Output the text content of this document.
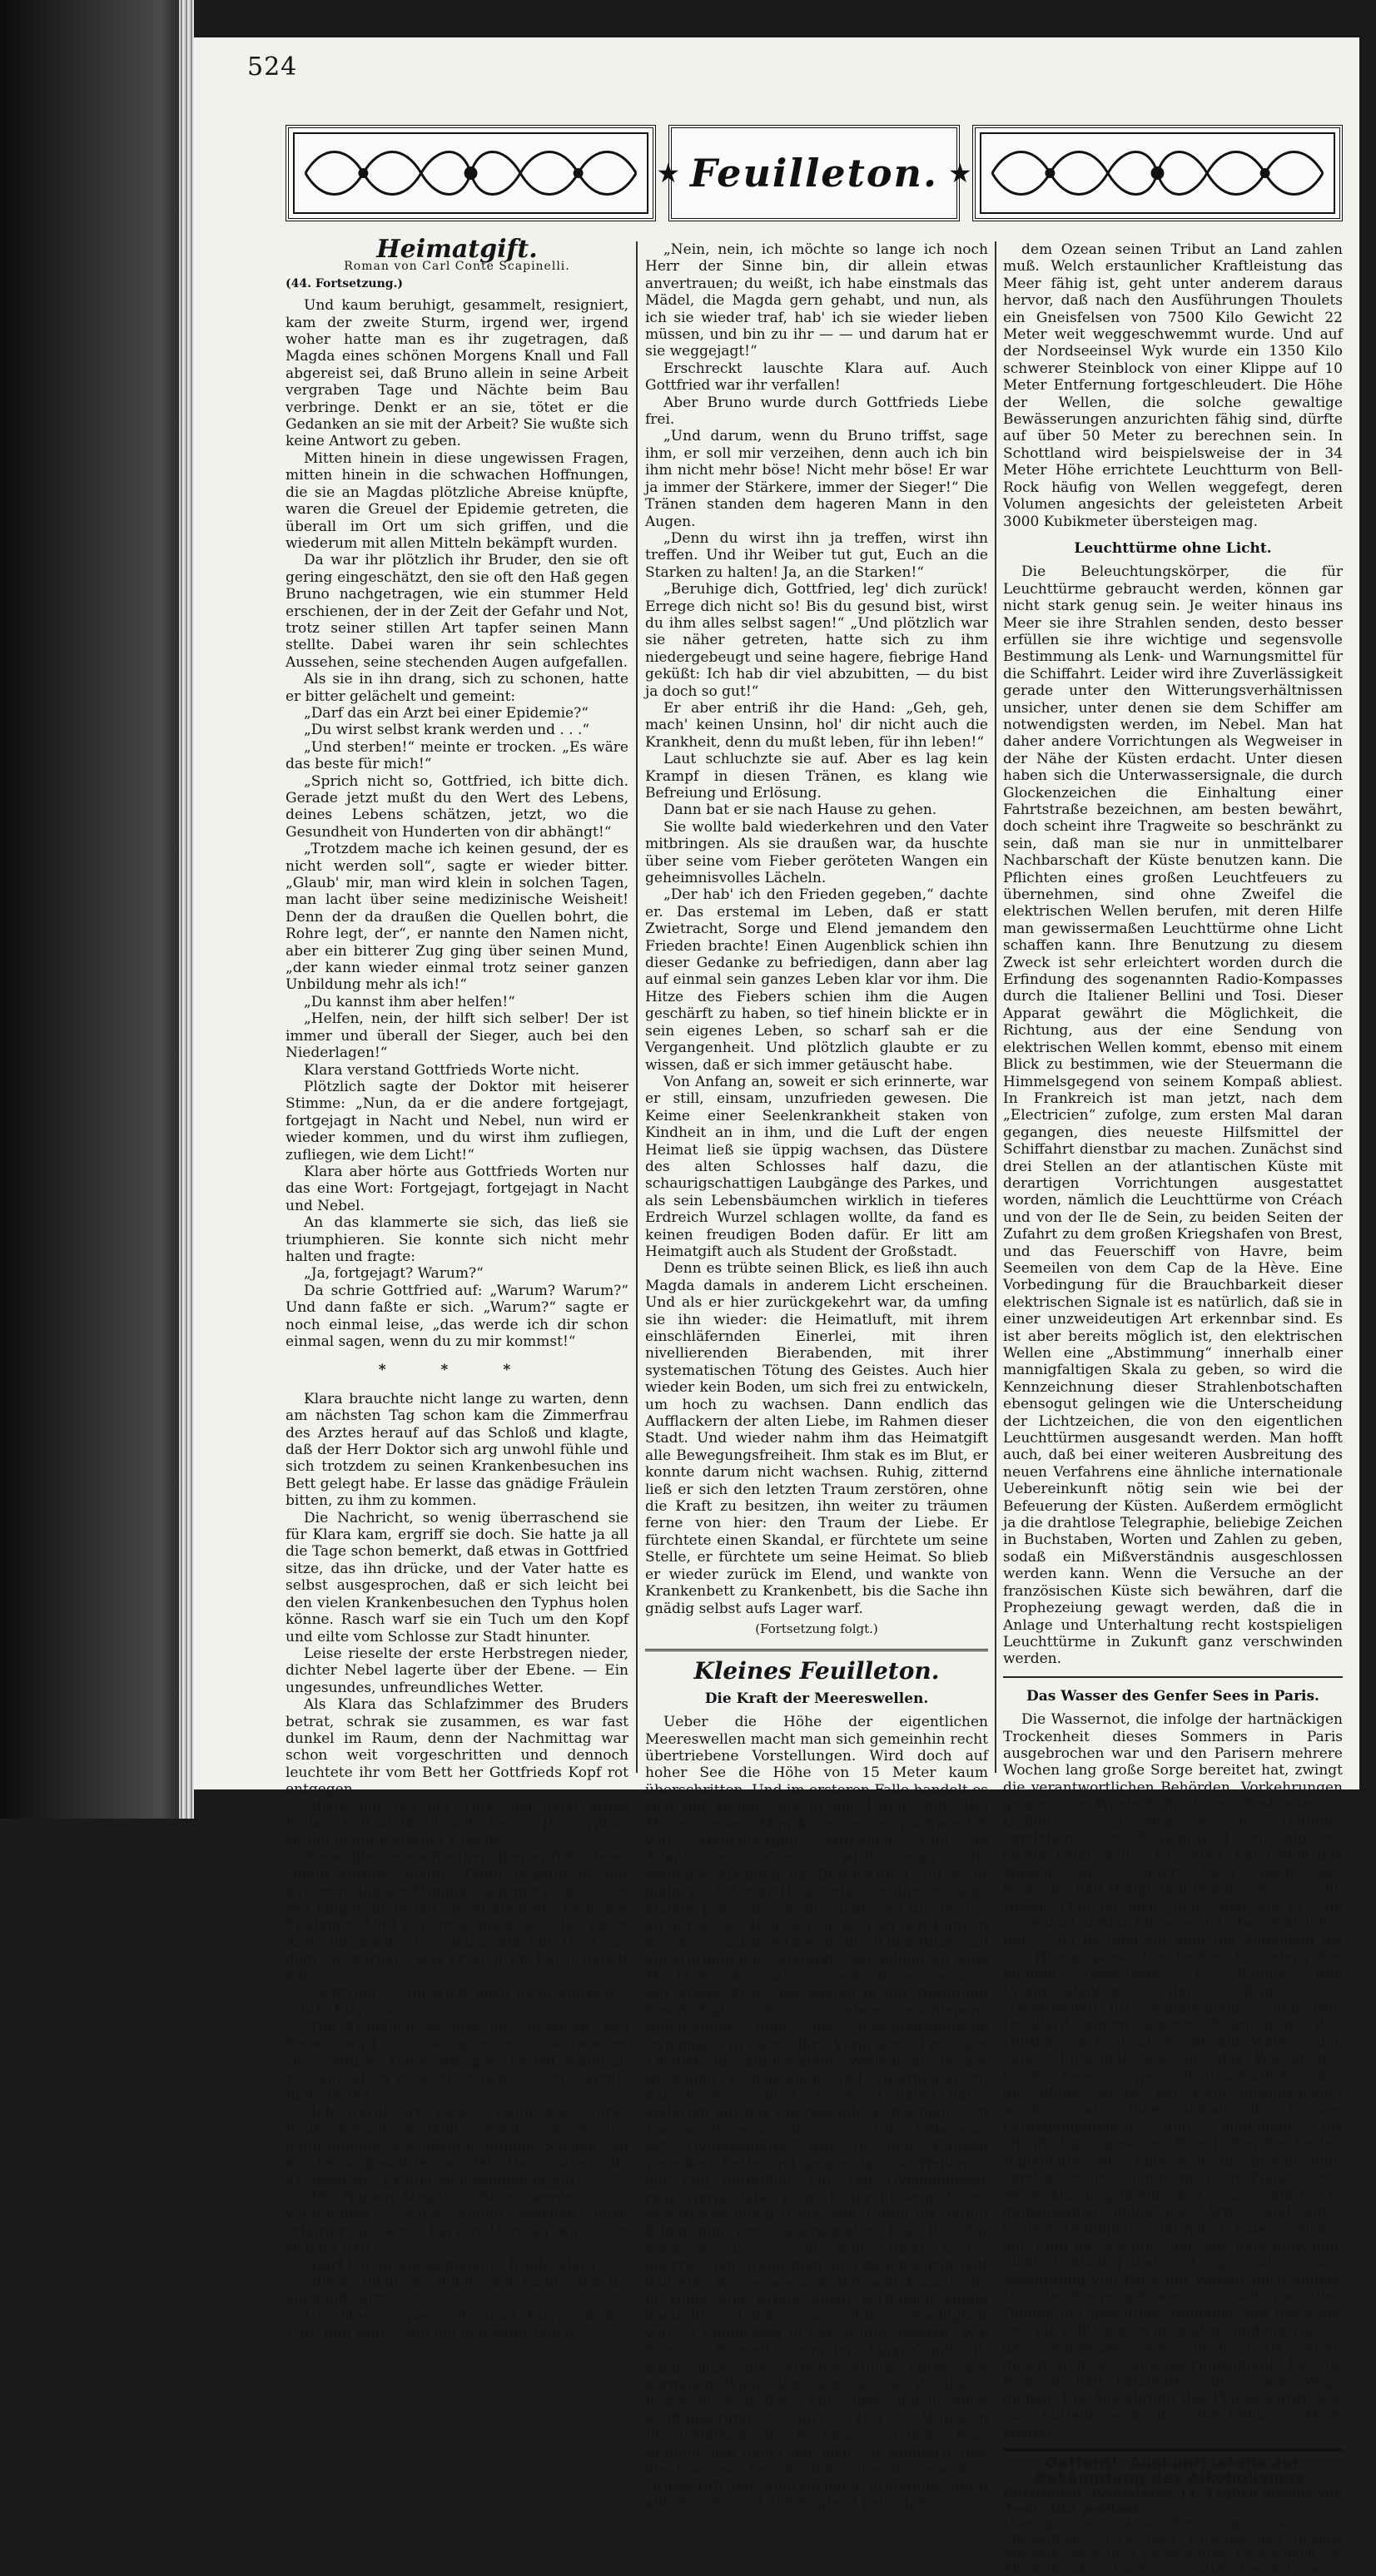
524
★ Feuilleton. ★

Heimatgift.

Roman von Carl Conte Scapinelli.

(44. Fortsetzung.)

Und kaum beruhigt, gesammelt, resigniert, kam der zweite Sturm, irgend wer, irgend woher hatte man es ihr zugetragen, daß Magda eines schönen Morgens Knall und Fall abgereist sei, daß Bruno allein in seine Arbeit vergraben Tage und Nächte beim Bau verbringe. Denkt er an sie, tötet er die Gedanken an sie mit der Arbeit? Sie wußte sich keine Antwort zu geben.

Mitten hinein in diese ungewissen Fragen, mitten hinein in die schwachen Hoffnungen, die sie an Magdas plötzliche Abreise knüpfte, waren die Greuel der Epidemie getreten, die überall im Ort um sich griffen, und die wiederum mit allen Mitteln bekämpft wurden.

Da war ihr plötzlich ihr Bruder, den sie oft gering eingeschätzt, den sie oft den Haß gegen Bruno nachgetragen, wie ein stummer Held erschienen, der in der Zeit der Gefahr und Not, trotz seiner stillen Art tapfer seinen Mann stellte. Dabei waren ihr sein schlechtes Aussehen, seine stechenden Augen aufgefallen.

Als sie in ihn drang, sich zu schonen, hatte er bitter gelächelt und gemeint:

„Darf das ein Arzt bei einer Epidemie?“

„Du wirst selbst krank werden und . . .“

„Und sterben!“ meinte er trocken. „Es wäre das beste für mich!“

„Sprich nicht so, Gottfried, ich bitte dich. Gerade jetzt mußt du den Wert des Lebens, deines Lebens schätzen, jetzt, wo die Gesundheit von Hunderten von dir abhängt!“

„Trotzdem mache ich keinen gesund, der es nicht werden soll“, sagte er wieder bitter. „Glaub' mir, man wird klein in solchen Tagen, man lacht über seine medizinische Weisheit! Denn der da draußen die Quellen bohrt, die Rohre legt, der“, er nannte den Namen nicht, aber ein bitterer Zug ging über seinen Mund, „der kann wieder einmal trotz seiner ganzen Unbildung mehr als ich!“

„Du kannst ihm aber helfen!“

„Helfen, nein, der hilft sich selber! Der ist immer und überall der Sieger, auch bei den Niederlagen!“

Klara verstand Gottfrieds Worte nicht.

Plötzlich sagte der Doktor mit heiserer Stimme: „Nun, da er die andere fortgejagt, fortgejagt in Nacht und Nebel, nun wird er wieder kommen, und du wirst ihm zufliegen, zufliegen, wie dem Licht!“

Klara aber hörte aus Gottfrieds Worten nur das eine Wort: Fortgejagt, fortgejagt in Nacht und Nebel.

An das klammerte sie sich, das ließ sie triumphieren. Sie konnte sich nicht mehr halten und fragte:

„Ja, fortgejagt? Warum?“

Da schrie Gottfried auf: „Warum? Warum?“ Und dann faßte er sich. „Warum?“ sagte er noch einmal leise, „das werde ich dir schon einmal sagen, wenn du zu mir kommst!“

* * *

Klara brauchte nicht lange zu warten, denn am nächsten Tag schon kam die Zimmerfrau des Arztes herauf auf das Schloß und klagte, daß der Herr Doktor sich arg unwohl fühle und sich trotzdem zu seinen Krankenbesuchen ins Bett gelegt habe. Er lasse das gnädige Fräulein bitten, zu ihm zu kommen.

Die Nachricht, so wenig überraschend sie für Klara kam, ergriff sie doch. Sie hatte ja all die Tage schon bemerkt, daß etwas in Gottfried sitze, das ihn drücke, und der Vater hatte es selbst ausgesprochen, daß er sich leicht bei den vielen Krankenbesuchen den Typhus holen könne. Rasch warf sie ein Tuch um den Kopf und eilte vom Schlosse zur Stadt hinunter.

Leise rieselte der erste Herbstregen nieder, dichter Nebel lagerte über der Ebene. — Ein ungesundes, unfreundliches Wetter.

Als Klara das Schlafzimmer des Bruders betrat, schrak sie zusammen, es war fast dunkel im Raum, denn der Nachmittag war schon weit vorgeschritten und dennoch leuchtete ihr vom Bett her Gottfrieds Kopf rot entgegen.

„Bleib nur bei der Türe, ich habe arges Fieber, tritt nicht zu nahe heran. Der Typhus ist ein heimtückischer Geselle.“

Sie wollte dennoch näher, aber er fuhr sie an „bleib zurück, bleib!“ Dann begann er mit heiserer, dünner Stimme: „Ich merke es schon seit längerem, in mir steckt auch der Keim der Epidemie. Und ich freue mich fast, für einen Arzt, für mich ist es immerhin ein Trost, an dem zu sterben, was er sich im Beruf geholt hat.“

„Gottfried, — du wirst doch nicht sterben?“ schrie Klara auf.

„Die Krankheit ist erst im Entstehen, das Fieber wird sich steigern, mein schwaches Herz wird es kaum ertragen. Es hat schon zu viel aushalten müssen in den letzten Tagen!“ fügte er bei.

„Ich werde irr reden, wenn das starke Fieber kommt“, begann er wieder, „da werden dann dumme Geschichten, dumme Sachen von mir herausgeschrien werden. Das machen alle Kranken so.“ Er fuhr sich sammelnd fort:

„Die Namen Magda — Bruno werden darin vorkommen.“ Seine Augen stachen noch schärfer als sonst hervor. Unruhig wälzte er sich im Bett.

„Darf ich dir etwas helfen?“ fragte Klara.

„Bleib, bleib, es lohnt sich nicht, daß du auch infizierst.“

Unschlüssig, weinend stand Klara an der Türe und sagt: „Soll ich den Vater holen?“

„Nein, nein, ich möchte so lange ich noch Herr der Sinne bin, dir allein etwas anvertrauen; du weißt, ich habe einstmals das Mädel, die Magda gern gehabt, und nun, als ich sie wieder traf, hab' ich sie wieder lieben müssen, und bin zu ihr — — und darum hat er sie weggejagt!“

Erschreckt lauschte Klara auf. Auch Gottfried war ihr verfallen!

Aber Bruno wurde durch Gottfrieds Liebe frei.

„Und darum, wenn du Bruno triffst, sage ihm, er soll mir verzeihen, denn auch ich bin ihm nicht mehr böse! Nicht mehr böse! Er war ja immer der Stärkere, immer der Sieger!“ Die Tränen standen dem hageren Mann in den Augen.

„Denn du wirst ihn ja treffen, wirst ihn treffen. Und ihr Weiber tut gut, Euch an die Starken zu halten! Ja, an die Starken!“

„Beruhige dich, Gottfried, leg' dich zurück! Errege dich nicht so! Bis du gesund bist, wirst du ihm alles selbst sagen!“ „Und plötzlich war sie näher getreten, hatte sich zu ihm niedergebeugt und seine hagere, fiebrige Hand geküßt: Ich hab dir viel abzubitten, — du bist ja doch so gut!“

Er aber entriß ihr die Hand: „Geh, geh, mach' keinen Unsinn, hol' dir nicht auch die Krankheit, denn du mußt leben, für ihn leben!“

Laut schluchzte sie auf. Aber es lag kein Krampf in diesen Tränen, es klang wie Befreiung und Erlösung.

Dann bat er sie nach Hause zu gehen.

Sie wollte bald wiederkehren und den Vater mitbringen. Als sie draußen war, da huschte über seine vom Fieber geröteten Wangen ein geheimnisvolles Lächeln.

„Der hab' ich den Frieden gegeben,“ dachte er. Das erstemal im Leben, daß er statt Zwietracht, Sorge und Elend jemandem den Frieden brachte! Einen Augenblick schien ihn dieser Gedanke zu befriedigen, dann aber lag auf einmal sein ganzes Leben klar vor ihm. Die Hitze des Fiebers schien ihm die Augen geschärft zu haben, so tief hinein blickte er in sein eigenes Leben, so scharf sah er die Vergangenheit. Und plötzlich glaubte er zu wissen, daß er sich immer getäuscht habe.

Von Anfang an, soweit er sich erinnerte, war er still, einsam, unzufrieden gewesen. Die Keime einer Seelenkrankheit staken von Kindheit an in ihm, und die Luft der engen Heimat ließ sie üppig wachsen, das Düstere des alten Schlosses half dazu, die schaurigschattigen Laubgänge des Parkes, und als sein Lebensbäumchen wirklich in tieferes Erdreich Wurzel schlagen wollte, da fand es keinen freudigen Boden dafür. Er litt am Heimatgift auch als Student der Großstadt.

Denn es trübte seinen Blick, es ließ ihn auch Magda damals in anderem Licht erscheinen. Und als er hier zurückgekehrt war, da umfing sie ihn wieder: die Heimatluft, mit ihrem einschläfernden Einerlei, mit ihren nivellierenden Bierabenden, mit ihrer systematischen Tötung des Geistes. Auch hier wieder kein Boden, um sich frei zu entwickeln, um hoch zu wachsen. Dann endlich das Aufflackern der alten Liebe, im Rahmen dieser Stadt. Und wieder nahm ihm das Heimatgift alle Bewegungsfreiheit. Ihm stak es im Blut, er konnte darum nicht wachsen. Ruhig, zitternd ließ er sich den letzten Traum zerstören, ohne die Kraft zu besitzen, ihn weiter zu träumen ferne von hier: den Traum der Liebe. Er fürchtete einen Skandal, er fürchtete um seine Stelle, er fürchtete um seine Heimat. So blieb er wieder zurück im Elend, und wankte von Krankenbett zu Krankenbett, bis die Sache ihn gnädig selbst aufs Lager warf.

(Fortsetzung folgt.)

Kleines Feuilleton.

Die Kraft der Meereswellen.

Ueber die Höhe der eigentlichen Meereswellen macht man sich gemeinhin recht übertriebene Vorstellungen. Wird doch auf hoher See die Höhe von 15 Meter kaum überschritten. Und im ersteren Falle handelt es sich um Wellen, die in der Länge 300—400 Meter messen. Man kann demnach schwerlich von „Wellenbergen“ sprechen. Und im Atlantischen Ozean wird man die Wellenerhebungen im Durchschnitt auf nicht mehr als 8 Meter Höhe schätzen dürfen. Ganz anders präsentieren sich indessen die Wellen an der Küste. Hier, wo sie sich an den Klippen brechen, wird ihre Gewalt durch den Rückprall außerordentlich verstärkt. Sie bilden so eine Macht dar, der nichts zu widerstehen vermag. Mit dieser Kraft der Wellen in der Brandung beschäftigt sich eine eben erschienene Abhandlung über die ozeanographische Dynamik, in der ihr Verfasser, Professor Thoulet, die aufgewandte Wellenkraft in der Brandung festzustellen und ziffermäßig zu berechnen versucht. Er weist dabei unter anderem auf das interessante Experiment von Thomas Stevenson, der zur Zeit der Ebbe eine Art Dynamometer fest in den Klippen verankert hatte und gegen das die Wellen in der Flut anprallen, hin. Der Dynamometer registrierte dabei je nach der Ebbengeit und Windstärke einen Druck von 15000 bis 34000 Kilogramm pro Quadratmeter. Das Resultat kann im übrigen durchaus nicht weiter überraschen, wenn man sich gegenwärtig hält daß eine Wassermasse in Betracht kommt, die in Höhe und Breite einen veritablen Hügel darstellt, und daß sie sich mit der Schnelligkeit von 50 Kilometern in der Stunde bewegt. Wie François Poncetton nun im „Figaro“ mitteilt, kann man die Arbeitsleistung eines der normalen Windstöße, wie sie die Westküste Frankreichs treffen, mit einer andauernden Kraftäußerung von 100 Millionen Pferdestärken in Rechnung stellen. Man braucht sich daher gar nicht zu wundern, daß die französischen Küsten unter der enormen Druckkraft der anprallenden Brandung stetig abbröckeln, und daß England jedes Jahr

dem Ozean seinen Tribut an Land zahlen muß. Welch erstaunlicher Kraftleistung das Meer fähig ist, geht unter anderem daraus hervor, daß nach den Ausführungen Thoulets ein Gneisfelsen von 7500 Kilo Gewicht 22 Meter weit weggeschwemmt wurde. Und auf der Nordseeinsel Wyk wurde ein 1350 Kilo schwerer Steinblock von einer Klippe auf 10 Meter Entfernung fortgeschleudert. Die Höhe der Wellen, die solche gewaltige Bewässerungen anzurichten fähig sind, dürfte auf über 50 Meter zu berechnen sein. In Schottland wird beispielsweise der in 34 Meter Höhe errichtete Leuchtturm von Bell-Rock häufig von Wellen weggefegt, deren Volumen angesichts der geleisteten Arbeit 3000 Kubikmeter übersteigen mag.

Leuchttürme ohne Licht.

Die Beleuchtungskörper, die für Leuchttürme gebraucht werden, können gar nicht stark genug sein. Je weiter hinaus ins Meer sie ihre Strahlen senden, desto besser erfüllen sie ihre wichtige und segensvolle Bestimmung als Lenk- und Warnungsmittel für die Schiffahrt. Leider wird ihre Zuverlässigkeit gerade unter den Witterungsverhältnissen unsicher, unter denen sie dem Schiffer am notwendigsten werden, im Nebel. Man hat daher andere Vorrichtungen als Wegweiser in der Nähe der Küsten erdacht. Unter diesen haben sich die Unterwassersignale, die durch Glockenzeichen die Einhaltung einer Fahrtstraße bezeichnen, am besten bewährt, doch scheint ihre Tragweite so beschränkt zu sein, daß man sie nur in unmittelbarer Nachbarschaft der Küste benutzen kann. Die Pflichten eines großen Leuchtfeuers zu übernehmen, sind ohne Zweifel die elektrischen Wellen berufen, mit deren Hilfe man gewissermaßen Leuchttürme ohne Licht schaffen kann. Ihre Benutzung zu diesem Zweck ist sehr erleichtert worden durch die Erfindung des sogenannten Radio-Kompasses durch die Italiener Bellini und Tosi. Dieser Apparat gewährt die Möglichkeit, die Richtung, aus der eine Sendung von elektrischen Wellen kommt, ebenso mit einem Blick zu bestimmen, wie der Steuermann die Himmelsgegend von seinem Kompaß abliest. In Frankreich ist man jetzt, nach dem „Electricien“ zufolge, zum ersten Mal daran gegangen, dies neueste Hilfsmittel der Schiffahrt dienstbar zu machen. Zunächst sind drei Stellen an der atlantischen Küste mit derartigen Vorrichtungen ausgestattet worden, nämlich die Leuchttürme von Créach und von der Ile de Sein, zu beiden Seiten der Zufahrt zu dem großen Kriegshafen von Brest, und das Feuerschiff von Havre, beim Seemeilen von dem Cap de la Hève. Eine Vorbedingung für die Brauchbarkeit dieser elektrischen Signale ist es natürlich, daß sie in einer unzweideutigen Art erkennbar sind. Es ist aber bereits möglich ist, den elektrischen Wellen eine „Abstimmung“ innerhalb einer mannigfaltigen Skala zu geben, so wird die Kennzeichnung dieser Strahlenbotschaften ebensogut gelingen wie die Unterscheidung der Lichtzeichen, die von den eigentlichen Leuchttürmen ausgesandt werden. Man hofft auch, daß bei einer weiteren Ausbreitung des neuen Verfahrens eine ähnliche internationale Uebereinkunft nötig sein wie bei der Befeuerung der Küsten. Außerdem ermöglicht ja die drahtlose Telegraphie, beliebige Zeichen in Buchstaben, Worten und Zahlen zu geben, sodaß ein Mißverständnis ausgeschlossen werden kann. Wenn die Versuche an der französischen Küste sich bewähren, darf die Prophezeiung gewagt werden, daß die in Anlage und Unterhaltung recht kostspieligen Leuchttürme in Zukunft ganz verschwinden werden.

Das Wasser des Genfer Sees in Paris.

Die Wassernot, die infolge der hartnäckigen Trockenheit dieses Sommers in Paris ausgebrochen war und den Parisern mehrere Wochen lang große Sorge bereitet hat, zwingt die verantwortlichen Behörden, Vorkehrungen gegen eine Wiederkehr dieses Zustandes zu treffen. So hat sich, wie der „Gaulois“ versichert, der Seinepräfekt entschlossen, einem Plane näher zu treten, nach dem das Wasser des Genfer Sees nach der französischen Hauptstadt geleitet werden soll. Dieser Plan ist nicht neu. Aber als er zum erstenmal auftauchte — es ist etwa fünf Jahre her — da betrachtete man ihn allgemein als ein Hirngespinst. Die beiden Schöpfern des kühnen Gedankens, E. Badois, den Vizepräsidenten der französischen „Gesellschaft für Zivilingenieure“, und Paul Duvillard, einem höheren Beamten bei den Hütten von Creusot, wurde nur Widerspruch zuteil. Einwände wie die, das Wasser des Genfer Sees sei gesundheitsschädlich, oder: die Rhone werde bei Lyon ausgetrocknet werden, waren ihnen damals allen Ernstes entgegengehalten und allgemein als stichhaltig angesehen. Nun haben die beiden Ingenieure, der eine erst in diesem Jahr, verstorben sind, nimmt man ihre Pläne, deren Verwirklichungsmöglichkeit sie einst in gemeinsamer mühevoller Arbeit und unter großen Geldopfern dargelegt haben, wieder auf. Man hat erkannt, daß alle jene Einwände nicht stichhaltig sind, und sogar außer in der Versorgung von Paris mit Wasser noch andere Vorteile herausgefunden; so soll vor allen Dingen der gewaltige Aquädukt, der das klare und als vollkommen gesund befundene Wasser des Schweizer Sees nach Paris leitet, gleichzeitig als Bewässerungsquelle für die französischen Landwirte auf seinem Wege dienen. Die Ausführung des Planes selbst, wie man mitteilt, wird, über 350 Millionen Mark kosten.

Oeffentl. Auskunftsstelle zur Bekämpfung des Alkoholismus.

Rüstringen, Peterstraße 14. Täglich abends von 7—8½ Uhr geöffnet

Unentgeltliche Auskunfterteilung über die Alkoholfrage, sowie über Fürsorge und Heilung Alkoholkranker, über Heilanstalten, Entwöhnung von Alkoholkranken, Trunksuchtsmittelschwindel usw.
